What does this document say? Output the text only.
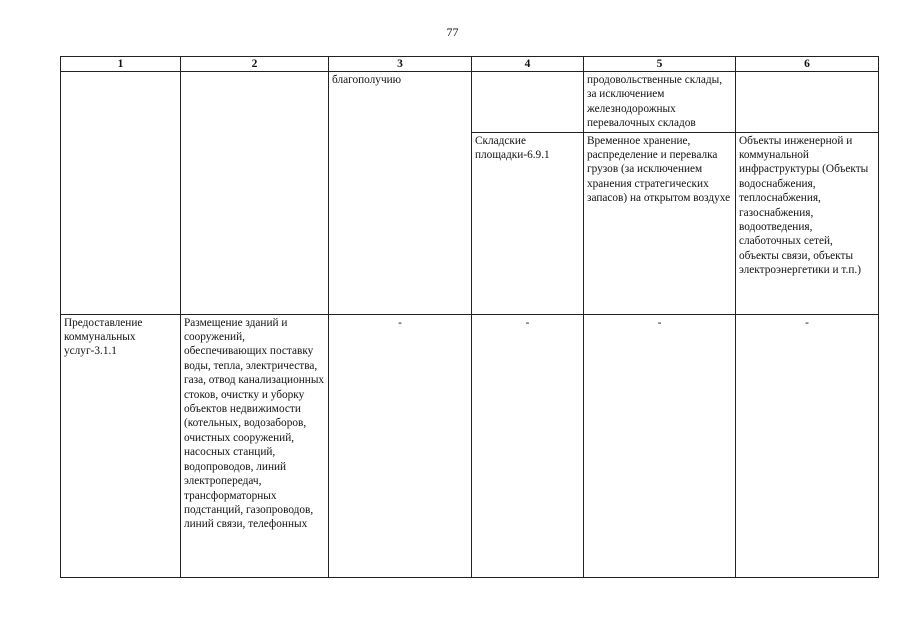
77
1	2	3	4	5	6
		благополучию		продовольственные склады, за исключением железнодорожных перевалочных складов	
			Складские площадки-6.9.1	Временное хранение, распределение и перевалка грузов (за исключением хранения стратегических запасов) на открытом воздухе	Объекты инженерной и коммунальной инфраструктуры (Объекты водоснабжения, теплоснабжения, газоснабжения, водоотведения, слаботочных сетей, объекты связи, объекты электроэнергетики и т.п.)
Предоставление коммунальных услуг-3.1.1	Размещение зданий и сооружений, обеспечивающих поставку воды, тепла, электричества, газа, отвод канализационных стоков, очистку и уборку объектов недвижимости (котельных, водозаборов, очистных сооружений, насосных станций, водопроводов, линий электропередач, трансформаторных подстанций, газопроводов, линий связи, телефонных	-	-	-	-
